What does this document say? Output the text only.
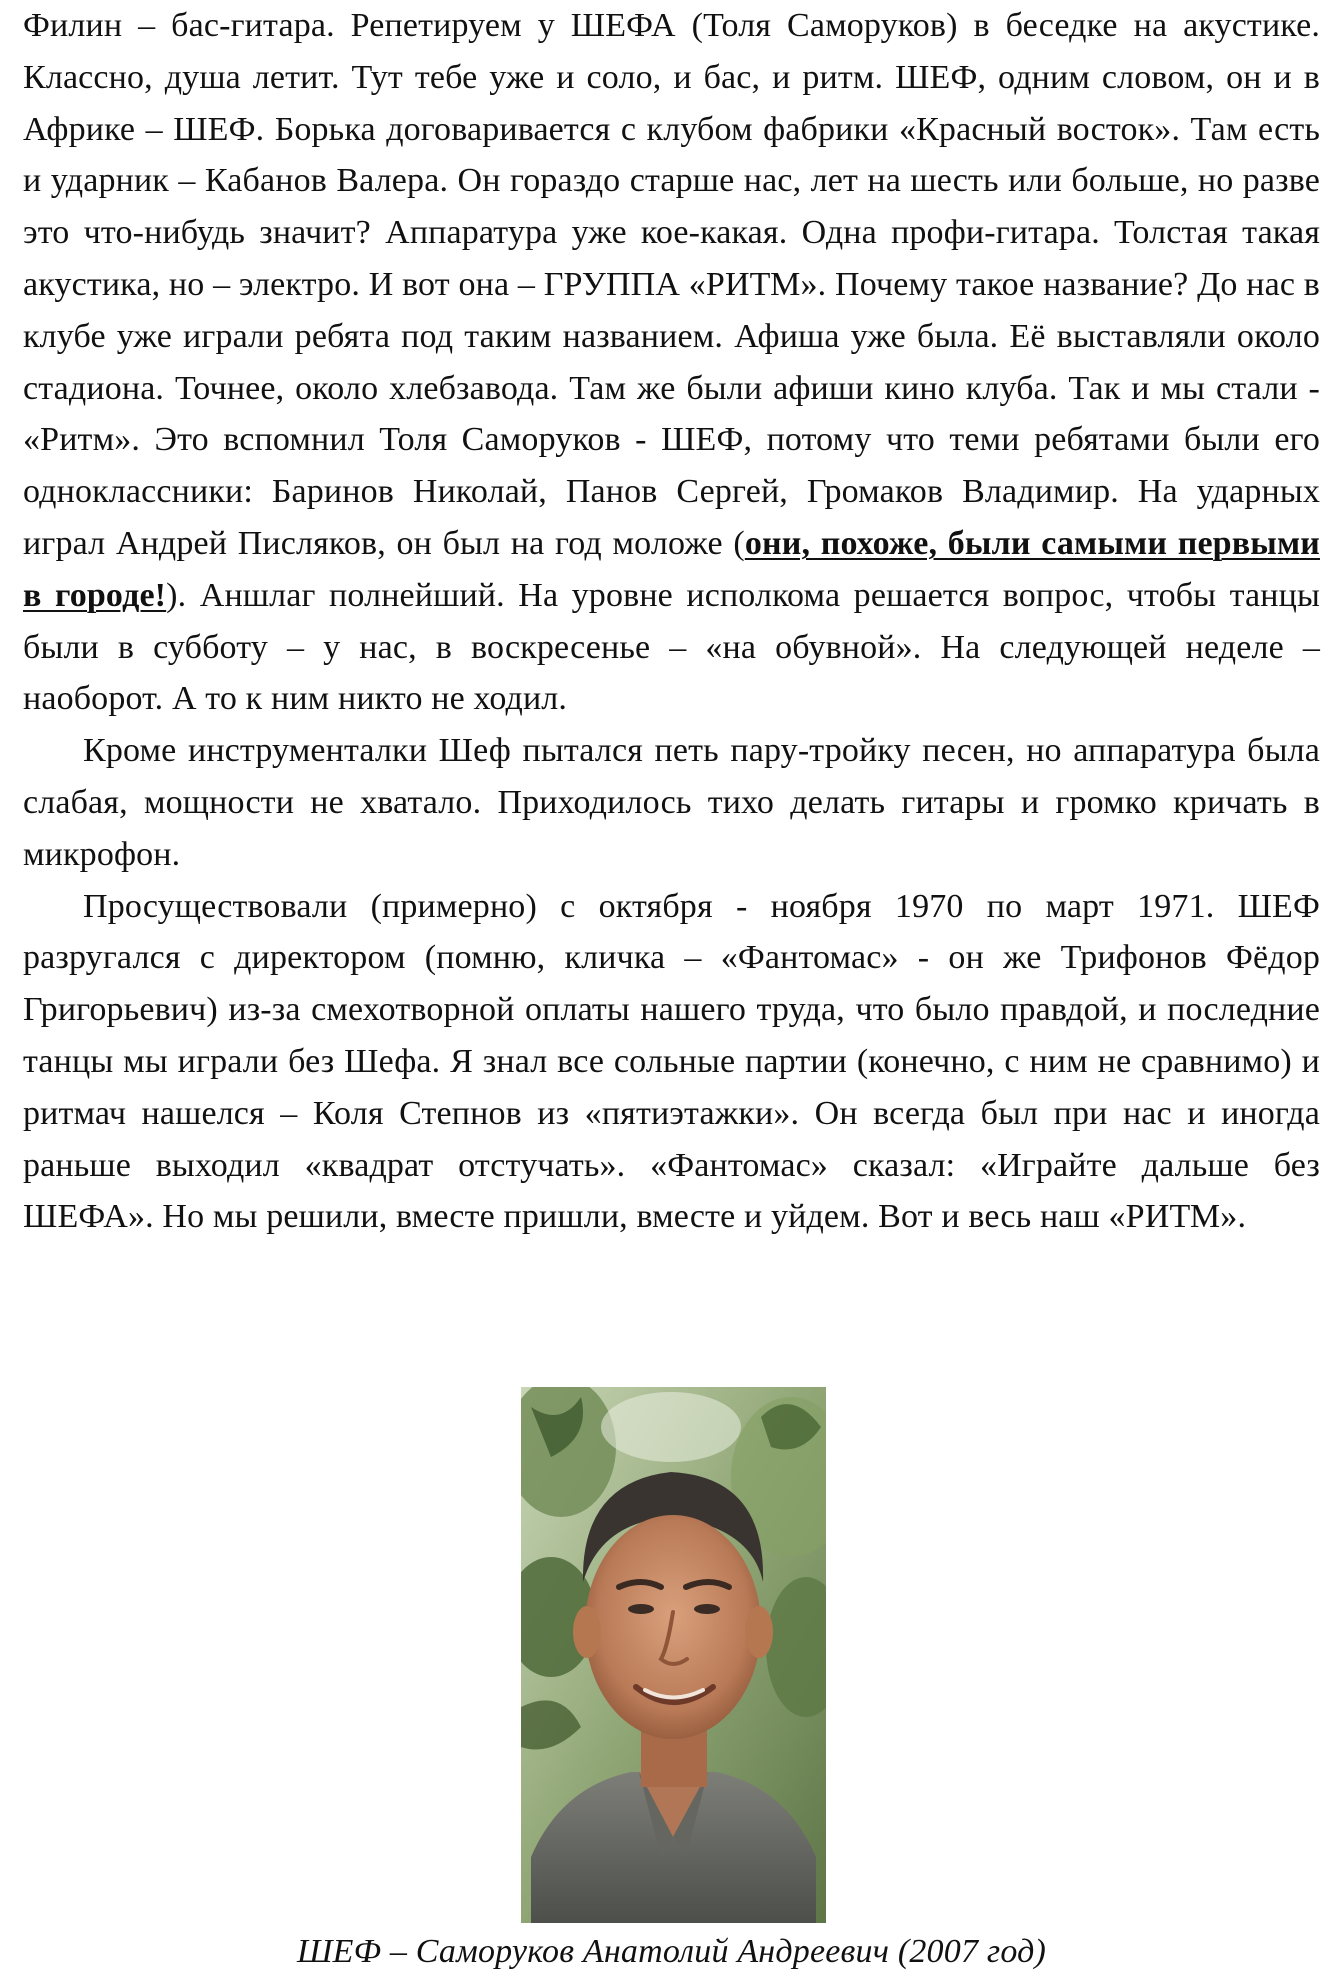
Филин – бас-гитара. Репетируем у ШЕФА (Толя Саморуков) в беседке на акустике. Классно, душа летит. Тут тебе уже и соло, и бас, и ритм. ШЕФ, одним словом, он и в Африке – ШЕФ. Борька договаривается с клубом фабрики «Красный восток». Там есть и ударник – Кабанов Валера. Он гораздо старше нас, лет на шесть или больше, но разве это что-нибудь значит? Аппаратура уже кое-какая. Одна профи-гитара. Толстая такая акустика, но – электро. И вот она – ГРУППА «РИТМ». Почему такое название? До нас в клубе уже играли ребята под таким названием. Афиша уже была. Её выставляли около стадиона. Точнее, около хлебзавода. Там же были афиши кино клуба. Так и мы стали - «Ритм». Это вспомнил Толя Саморуков - ШЕФ, потому что теми ребятами были его одноклассники: Баринов Николай, Панов Сергей, Громаков Владимир. На ударных играл Андрей Писляков, он был на год моложе (они, похоже, были самыми первыми в городе!). Аншлаг полнейший. На уровне исполкома решается вопрос, чтобы танцы были в субботу – у нас, в воскресенье – «на обувной». На следующей неделе – наоборот. А то к ним никто не ходил.

Кроме инструменталки Шеф пытался петь пару-тройку песен, но аппаратура была слабая, мощности не хватало. Приходилось тихо делать гитары и громко кричать в микрофон.

Просуществовали (примерно) с октября - ноября 1970 по март 1971. ШЕФ разругался с директором (помню, кличка – «Фантомас» - он же Трифонов Фёдор Григорьевич) из-за смехотворной оплаты нашего труда, что было правдой, и последние танцы мы играли без Шефа. Я знал все сольные партии (конечно, с ним не сравнимо) и ритмач нашелся – Коля Степнов из «пятиэтажки». Он всегда был при нас и иногда раньше выходил «квадрат отстучать». «Фантомас» сказал: «Играйте дальше без ШЕФА». Но мы решили, вместе пришли, вместе и уйдем. Вот и весь наш «РИТМ».

ШЕФ – Саморуков Анатолий Андреевич (2007 год)
